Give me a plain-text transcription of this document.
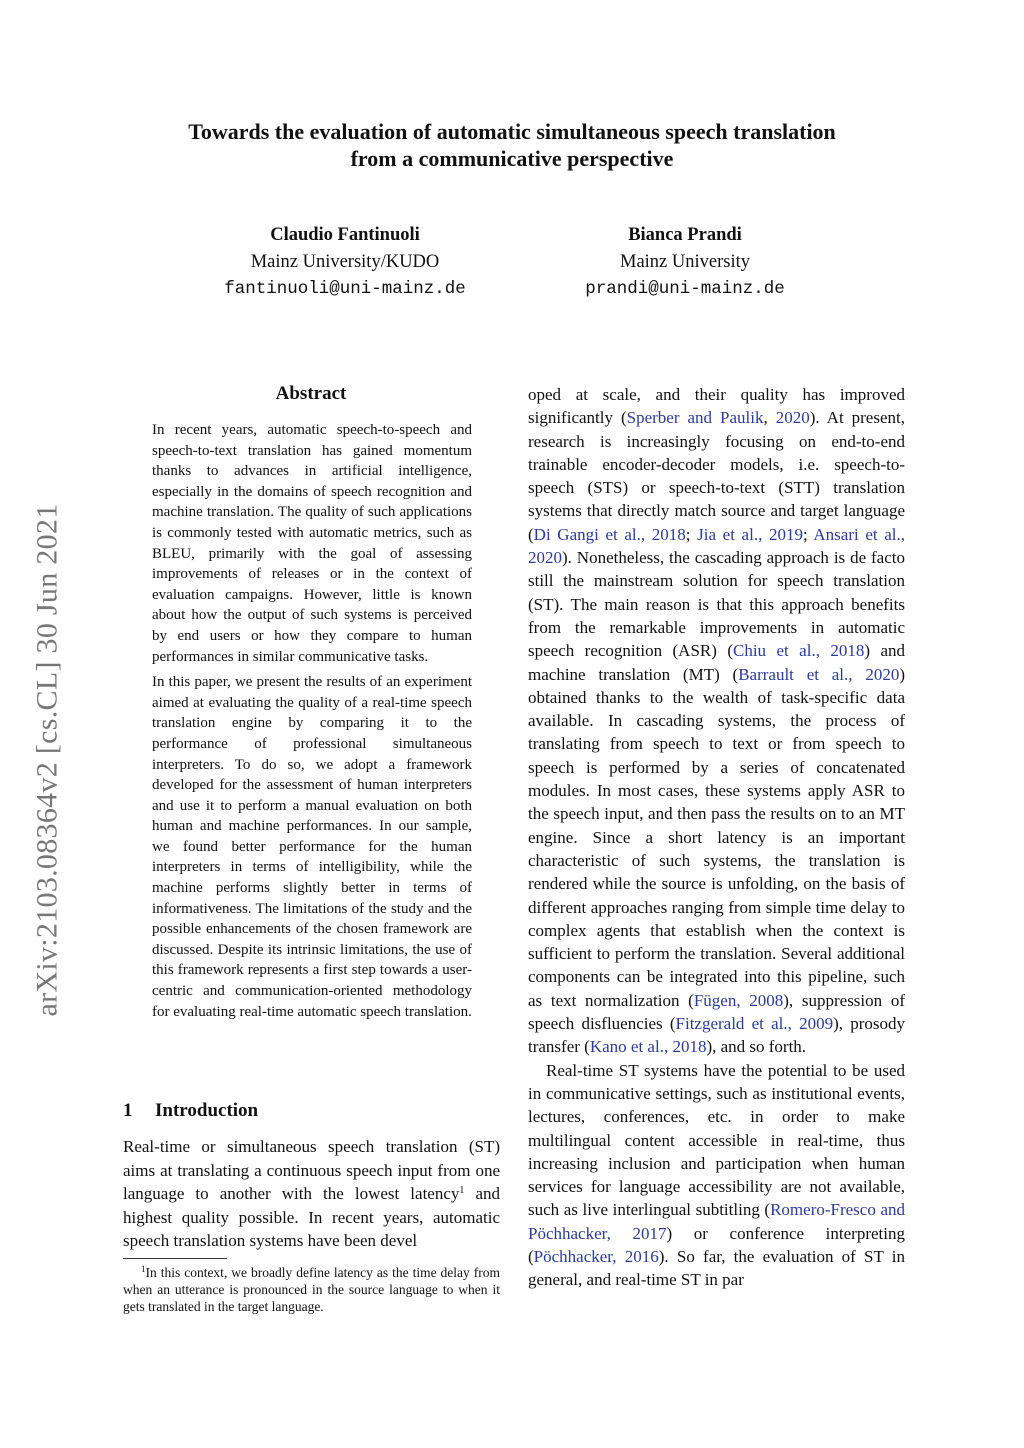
arXiv:2103.08364v2 [cs.CL] 30 Jun 2021
Towards the evaluation of automatic simultaneous speech translation
from a communicative perspective
Claudio Fantinuoli
Mainz University/KUDO
fantinuoli@uni-mainz.de
Bianca Prandi
Mainz University
prandi@uni-mainz.de
Abstract

In recent years, automatic speech-to-speech and speech-to-text translation has gained momentum thanks to advances in artificial intelligence, especially in the domains of speech recognition and machine translation. The quality of such applications is commonly tested with automatic metrics, such as BLEU, primarily with the goal of assessing improvements of releases or in the context of evaluation campaigns. However, little is known about how the output of such systems is perceived by end users or how they compare to human performances in similar communicative tasks.

In this paper, we present the results of an experiment aimed at evaluating the quality of a real-time speech translation engine by comparing it to the performance of professional simultaneous interpreters. To do so, we adopt a framework developed for the assessment of human interpreters and use it to perform a manual evaluation on both human and machine performances. In our sample, we found better performance for the human interpreters in terms of intelligibility, while the machine performs slightly better in terms of informativeness. The limitations of the study and the possible enhancements of the chosen framework are discussed. Despite its intrinsic limitations, the use of this framework represents a first step towards a user-centric and communication-oriented methodology for evaluating real-time automatic speech translation.

1 Introduction

Real-time or simultaneous speech translation (ST) aims at translating a continuous speech input from one language to another with the lowest latency$^1$ and highest quality possible. In recent years, automatic speech translation systems have been devel

$^1$In this context, we broadly define latency as the time delay from when an utterance is pronounced in the source language to when it gets translated in the target language.

oped at scale, and their quality has improved significantly (Sperber and Paulik, 2020). At present, research is increasingly focusing on end-to-end trainable encoder-decoder models, i.e. speech-to-speech (STS) or speech-to-text (STT) translation systems that directly match source and target language (Di Gangi et al., 2018; Jia et al., 2019; Ansari et al., 2020). Nonetheless, the cascading approach is de facto still the mainstream solution for speech translation (ST). The main reason is that this approach benefits from the remarkable improvements in automatic speech recognition (ASR) (Chiu et al., 2018) and machine translation (MT) (Barrault et al., 2020) obtained thanks to the wealth of task-specific data available. In cascading systems, the process of translating from speech to text or from speech to speech is performed by a series of concatenated modules. In most cases, these systems apply ASR to the speech input, and then pass the results on to an MT engine. Since a short latency is an important characteristic of such systems, the translation is rendered while the source is unfolding, on the basis of different approaches ranging from simple time delay to complex agents that establish when the context is sufficient to perform the translation. Several additional components can be integrated into this pipeline, such as text normalization (Fügen, 2008), suppression of speech disfluencies (Fitzgerald et al., 2009), prosody transfer (Kano et al., 2018), and so forth.

Real-time ST systems have the potential to be used in communicative settings, such as institutional events, lectures, conferences, etc. in order to make multilingual content accessible in real-time, thus increasing inclusion and participation when human services for language accessibility are not available, such as live interlingual subtitling (Romero-Fresco and Pöchhacker, 2017) or conference interpreting (Pöchhacker, 2016). So far, the evaluation of ST in general, and real-time ST in par
